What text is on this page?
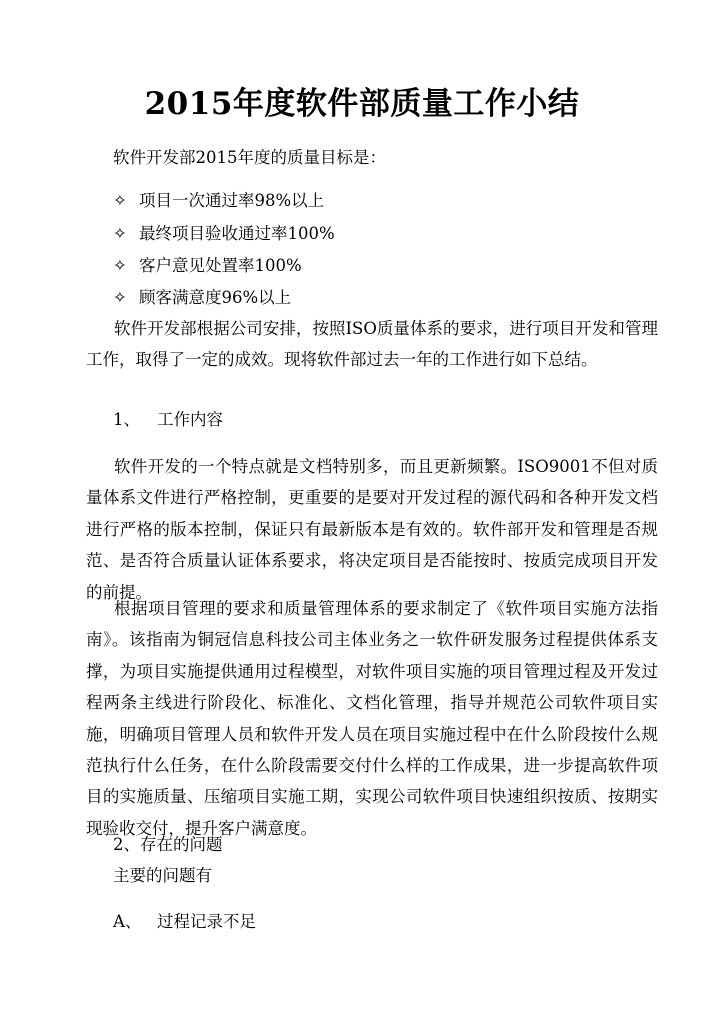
2015年度软件部质量工作小结
软件开发部2015年度的质量目标是：
✧ 项目一次通过率98%以上
✧ 最终项目验收通过率100%
✧ 客户意见处置率100%
✧ 顾客满意度96%以上

软件开发部根据公司安排，按照ISO质量体系的要求，进行项目开发和管理工作，取得了一定的成效。现将软件部过去一年的工作进行如下总结。

1、 工作内容

软件开发的一个特点就是文档特别多，而且更新频繁。ISO9001不但对质量体系文件进行严格控制，更重要的是要对开发过程的源代码和各种开发文档进行严格的版本控制，保证只有最新版本是有效的。软件部开发和管理是否规范、是否符合质量认证体系要求，将决定项目是否能按时、按质完成项目开发的前提。

根据项目管理的要求和质量管理体系的要求制定了《软件项目实施方法指南》。该指南为铜冠信息科技公司主体业务之一软件研发服务过程提供体系支撑，为项目实施提供通用过程模型，对软件项目实施的项目管理过程及开发过程两条主线进行阶段化、标准化、文档化管理，指导并规范公司软件项目实施，明确项目管理人员和软件开发人员在项目实施过程中在什么阶段按什么规范执行什么任务，在什么阶段需要交付什么样的工作成果，进一步提高软件项目的实施质量、压缩项目实施工期，实现公司软件项目快速组织按质、按期实现验收交付，提升客户满意度。

2、存在的问题
主要的问题有
A、 过程记录不足
